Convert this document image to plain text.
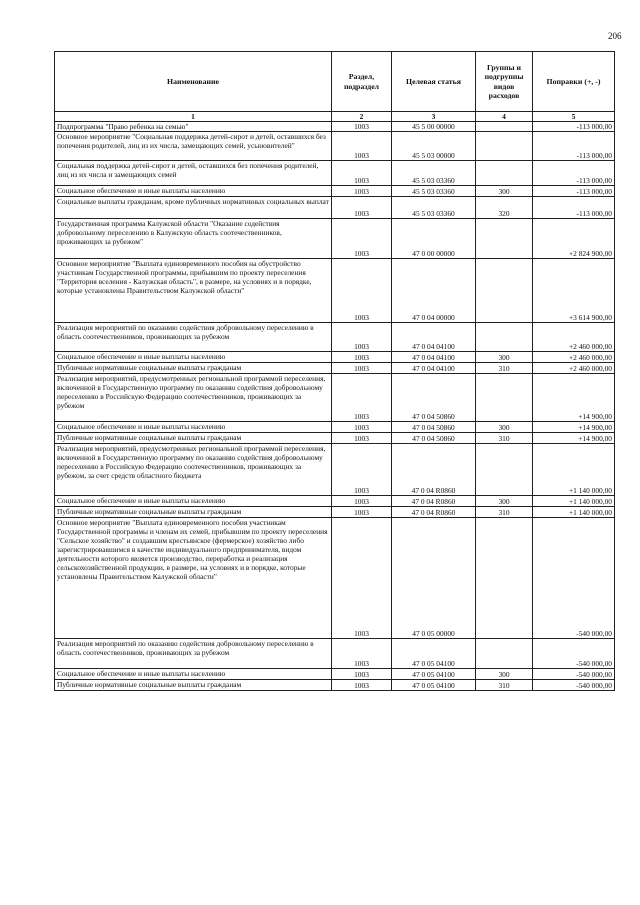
206
Наименование	Раздел, подраздел	Целевая статья	Группы и подгруппы видов расходов	Поправки (+, -)
1	2	3	4	5
Подпрограмма "Право ребенка на семью"	1003	45 5 00 00000		-113 000,00
Основное мероприятие "Социальная поддержка детей-сирот и детей, оставшихся без попечения родителей, лиц из их числа, замещающих семей, усыновителей"	1003	45 5 03 00000		-113 000,00
Социальная поддержка детей-сирот и детей, оставшихся без попечения родителей, лиц из их числа и замещающих семей	1003	45 5 03 03360		-113 000,00
Социальное обеспечение и иные выплаты населению	1003	45 5 03 03360	300	-113 000,00
Социальные выплаты гражданам, кроме публичных нормативных социальных выплат	1003	45 5 03 03360	320	-113 000,00
Государственная программа Калужской области "Оказание содействия добровольному переселению в Калужскую область соотечественников, проживающих за рубежом"	1003	47 0 00 00000		+2 824 900,00
Основное мероприятие "Выплата единовременного пособия на обустройство участникам Государственной программы, прибывшим по проекту переселения "Территория вселения - Калужская область", в размере, на условиях и в порядке, которые установлены Правительством Калужской области"	1003	47 0 04 00000		+3 614 900,00
Реализация мероприятий по оказанию содействия добровольному переселению в область соотечественников, проживающих за рубежом	1003	47 0 04 04100		+2 460 000,00
Социальное обеспечение и иные выплаты населению	1003	47 0 04 04100	300	+2 460 000,00
Публичные нормативные социальные выплаты гражданам	1003	47 0 04 04100	310	+2 460 000,00
Реализация мероприятий, предусмотренных региональной программой переселения, включенной в Государственную программу по оказанию содействия добровольному переселению в Российскую Федерацию соотечественников, проживающих за рубежом	1003	47 0 04 50860		+14 900,00
Социальное обеспечение и иные выплаты населению	1003	47 0 04 50860	300	+14 900,00
Публичные нормативные социальные выплаты гражданам	1003	47 0 04 50860	310	+14 900,00
Реализация мероприятий, предусмотренных региональной программой переселения, включенной в Государственную программу по оказанию содействия добровольному переселению в Российскую Федерацию соотечественников, проживающих за рубежом, за счет средств областного бюджета	1003	47 0 04 R0860		+1 140 000,00
Социальное обеспечение и иные выплаты населению	1003	47 0 04 R0860	300	+1 140 000,00
Публичные нормативные социальные выплаты гражданам	1003	47 0 04 R0860	310	+1 140 000,00
Основное мероприятие "Выплата единовременного пособия участникам Государственной программы и членам их семей, прибывшим по проекту переселения "Сельское хозяйство" и создавшим крестьянское (фермерское) хозяйство либо зарегистрировавшимся в качестве индивидуального предпринимателя, видом деятельности которого является производство, переработка и реализация сельскохозяйственной продукции, в размере, на условиях и в порядке, которые установлены Правительством Калужской области"	1003	47 0 05 00000		-540 000,00
Реализация мероприятий по оказанию содействия добровольному переселению в область соотечественников, проживающих за рубежом	1003	47 0 05 04100		-540 000,00
Социальное обеспечение и иные выплаты населению	1003	47 0 05 04100	300	-540 000,00
Публичные нормативные социальные выплаты гражданам	1003	47 0 05 04100	310	-540 000,00
